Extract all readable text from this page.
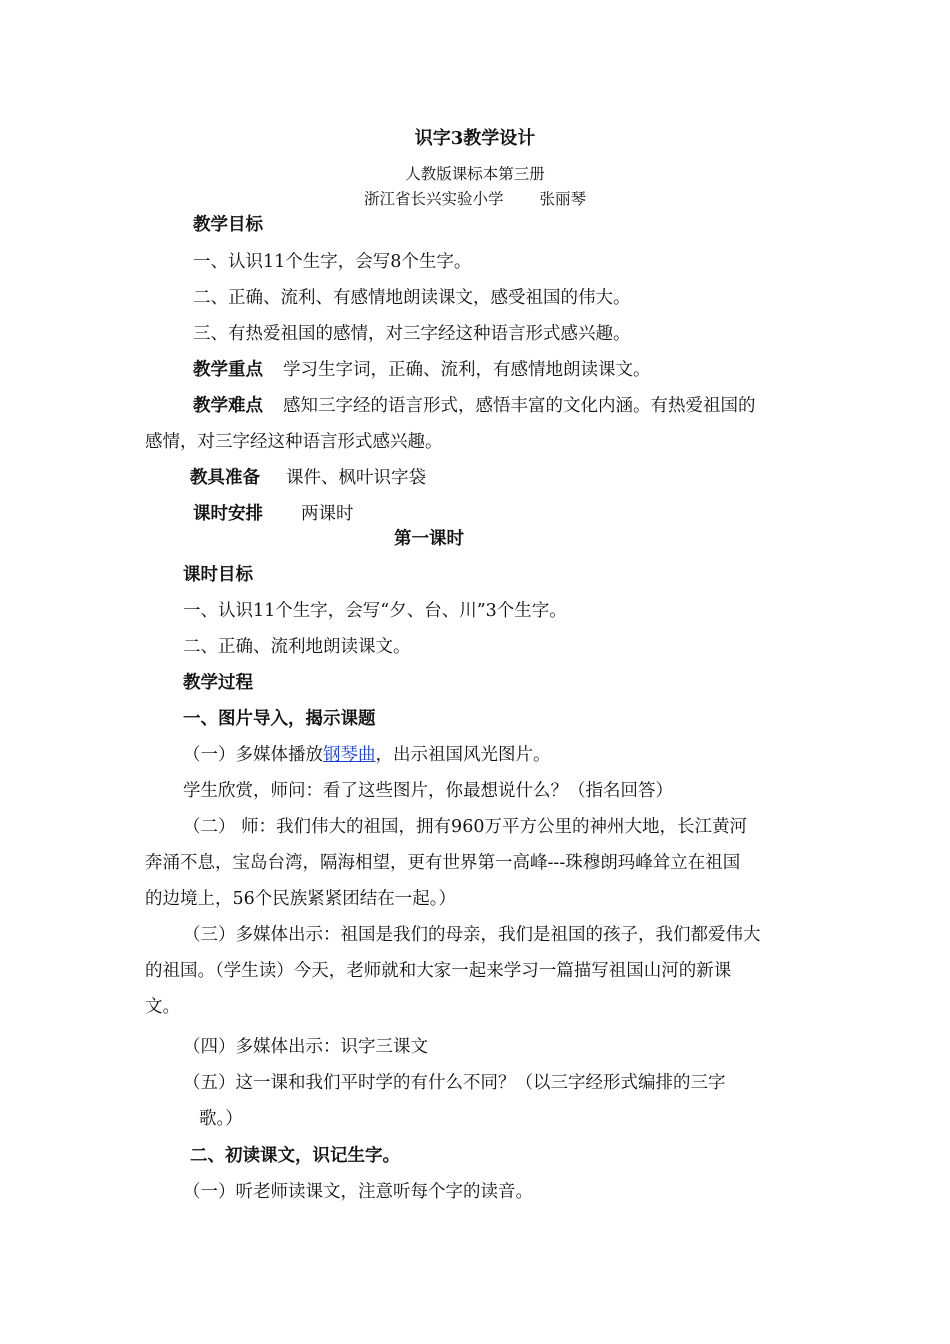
识字3教学设计
人教版课标本第三册
浙江省长兴实验小学 张丽琴
教学目标
一、认识11个生字，会写8个生字。
二、正确、流利、有感情地朗读课文，感受祖国的伟大。
三、有热爱祖国的感情，对三字经这种语言形式感兴趣。
教学重点 学习生字词，正确、流利，有感情地朗读课文。
教学难点 感知三字经的语言形式，感悟丰富的文化内涵。有热爱祖国的
感情，对三字经这种语言形式感兴趣。
教具准备 课件、枫叶识字袋
课时安排 两课时
第一课时
课时目标
一、认识11个生字，会写“夕、台、川”3个生字。
二、正确、流利地朗读课文。
教学过程
一、图片导入，揭示课题
（一）多媒体播放钢琴曲，出示祖国风光图片。
学生欣赏，师问：看了这些图片，你最想说什么？（指名回答）
（二） 师：我们伟大的祖国，拥有960万平方公里的神州大地，长江黄河
奔涌不息，宝岛台湾，隔海相望，更有世界第一高峰---珠穆朗玛峰耸立在祖国
的边境上，56个民族紧紧团结在一起。）
（三）多媒体出示：祖国是我们的母亲，我们是祖国的孩子，我们都爱伟大
的祖国。（学生读）今天，老师就和大家一起来学习一篇描写祖国山河的新课
文。
（四）多媒体出示：识字三课文
（五）这一课和我们平时学的有什么不同？（以三字经形式编排的三字
歌。）
二、初读课文，识记生字。
（一）听老师读课文，注意听每个字的读音。
